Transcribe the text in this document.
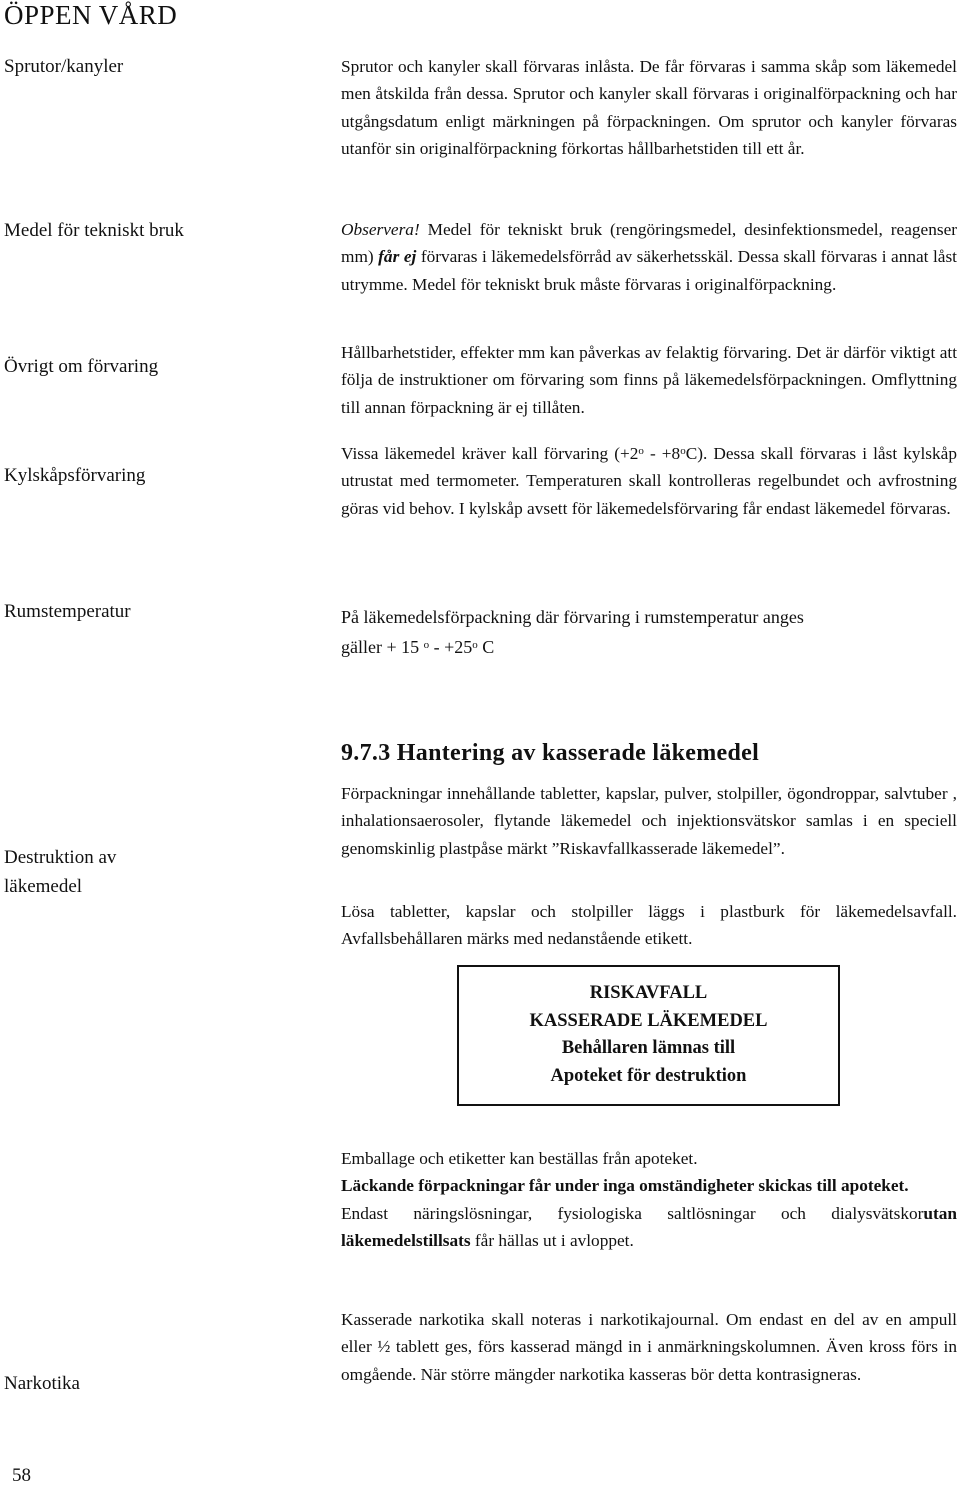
ÖPPEN VÅRD
Sprutor/kanyler
Medel för tekniskt bruk
Övrigt om förvaring
Kylskåpsförvaring
Rumstemperatur
Destruktion av
läkemedel
Narkotika

Sprutor och kanyler skall förvaras inlåsta. De får förvaras i samma skåp som läkemedel men åtskilda från dessa. Sprutor och kanyler skall förvaras i originalförpackning och har utgångsdatum enligt märkningen på förpackningen. Om sprutor och kanyler förvaras utanför sin originalförpackning förkortas hållbarhetstiden till ett år.

Observera! Medel för tekniskt bruk (rengöringsmedel, desinfektionsmedel, reagenser mm) får ej förvaras i läkemedelsförråd av säkerhetsskäl. Dessa skall förvaras i annat låst utrymme. Medel för tekniskt bruk måste förvaras i originalförpackning.

Hållbarhetstider, effekter mm kan påverkas av felaktig förvaring. Det är därför viktigt att följa de instruktioner om förvaring som finns på läkemedelsförpackningen. Omflyttning till annan förpackning är ej tillåten.

Vissa läkemedel kräver kall förvaring $(+2^o - +8^oC)$. Dessa skall förvaras i låst kylskåp utrustat med termometer. Temperaturen skall kontrolleras regelbundet och avfrostning göras vid behov. I kylskåp avsett för läkemedelsförvaring får endast läkemedel förvaras.

På läkemedelsförpackning där förvaring i rumstemperatur anges
gäller + 15 $^o - +25^o$ C
9.7.3 Hantering av kasserade läkemedel

Förpackningar innehållande tabletter, kapslar, pulver, stolpiller, ögondroppar, salvtuber , inhalationsaerosoler, flytande läkemedel och injektionsvätskor samlas i en speciell genomskinlig plastpåse märkt ”Riskavfallkasserade läkemedel”.

Lösa tabletter, kapslar och stolpiller läggs i plastburk för läkemedelsavfall. Avfallsbehållaren märks med nedanstående etikett.

RISKAVFALL
KASSERADE LÄKEMEDEL
Behållaren lämnas till
Apoteket för destruktion
Emballage och etiketter kan beställas från apoteket.
Läckande förpackningar får under inga omständigheter skickas till apoteket.
Endast näringslösningar, fysiologiska saltlösningar och dialysvätskorutan läkemedelstillsats får hällas ut i avloppet.

Kasserade narkotika skall noteras i narkotikajournal. Om endast en del av en ampull eller ½ tablett ges, förs kasserad mängd in i anmärkningskolumnen. Även kross förs in omgående. När större mängder narkotika kasseras bör detta kontrasigneras.

58
